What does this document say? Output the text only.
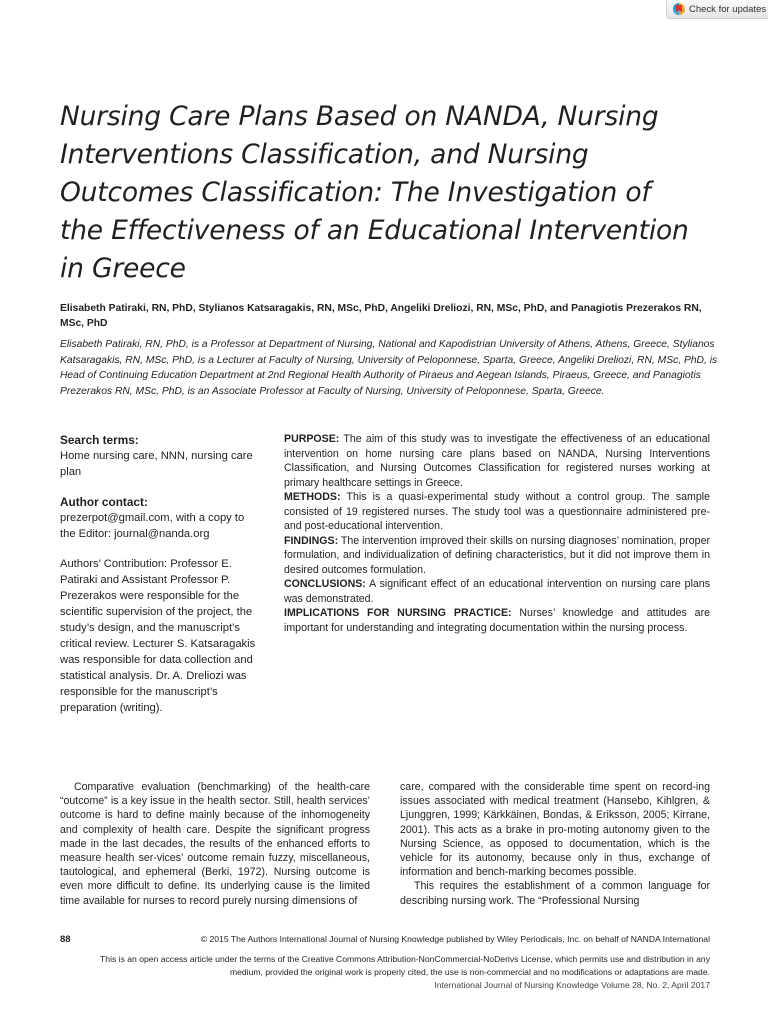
Check for updates
Nursing Care Plans Based on NANDA, Nursing
Interventions Classification, and Nursing
Outcomes Classification: The Investigation of
the Effectiveness of an Educational Intervention
in Greece
Elisabeth Patiraki, RN, PhD, Stylianos Katsaragakis, RN, MSc, PhD, Angeliki Dreliozi, RN, MSc, PhD, and Panagiotis Prezerakos RN, MSc, PhD
Elisabeth Patiraki, RN, PhD, is a Professor at Department of Nursing, National and Kapodistrian University of Athens, Athens, Greece, Stylianos Katsaragakis, RN, MSc, PhD, is a Lecturer at Faculty of Nursing, University of Peloponnese, Sparta, Greece, Angeliki Dreliozi, RN, MSc, PhD, is Head of Continuing Education Department at 2nd Regional Health Authority of Piraeus and Aegean Islands, Piraeus, Greece, and Panagiotis Prezerakos RN, MSc, PhD, is an Associate Professor at Faculty of Nursing, University of Peloponnese, Sparta, Greece.
Search terms:

Home nursing care, NNN, nursing care plan

Author contact:

prezerpot@gmail.com, with a copy to the Editor: journal@nanda.org

Authors’ Contribution: Professor E. Patiraki and Assistant Professor P. Prezerakos were responsible for the scientific supervision of the project, the study’s design, and the manuscript’s critical review. Lecturer S. Katsaragakis was responsible for data collection and statistical analysis. Dr. A. Dreliozi was responsible for the manuscript’s preparation (writing).

PURPOSE: The aim of this study was to investigate the effectiveness of an educational intervention on home nursing care plans based on NANDA, Nursing Interventions Classification, and Nursing Outcomes Classification for registered nurses working at primary healthcare settings in Greece.

METHODS: This is a quasi-experimental study without a control group. The sample consisted of 19 registered nurses. The study tool was a questionnaire administered pre- and post-educational intervention.

FINDINGS: The intervention improved their skills on nursing diagnoses’ nomination, proper formulation, and individualization of defining characteristics, but it did not improve them in desired outcomes formulation.

CONCLUSIONS: A significant effect of an educational intervention on nursing care plans was demonstrated.

IMPLICATIONS FOR NURSING PRACTICE: Nurses’ knowledge and attitudes are important for understanding and integrating documentation within the nursing process.

Comparative evaluation (benchmarking) of the health-care “outcome” is a key issue in the health sector. Still, health services’ outcome is hard to define mainly because of the inhomogeneity and complexity of health care. Despite the significant progress made in the last decades, the results of the enhanced efforts to measure health ser-vices’ outcome remain fuzzy, miscellaneous, tautological, and ephemeral (Berki, 1972). Nursing outcome is even more difficult to define. Its underlying cause is the limited time available for nurses to record purely nursing dimensions of

care, compared with the considerable time spent on record-ing issues associated with medical treatment (Hansebo, Kihlgren, & Ljunggren, 1999; Kärkkäinen, Bondas, & Eriksson, 2005; Kirrane, 2001). This acts as a brake in pro-moting autonomy given to the Nursing Science, as opposed to documentation, which is the vehicle for its autonomy, because only in thus, exchange of information and bench-marking becomes possible.

This requires the establishment of a common language for describing nursing work. The “Professional Nursing

88	© 2015 The Authors International Journal of Nursing Knowledge published by Wiley Periodicals, Inc. on behalf of NANDA International
This is an open access article under the terms of the Creative Commons Attribution-NonCommercial-NoDerivs License, which permits use and distribution in any medium, provided the original work is properly cited, the use is non-commercial and no modifications or adaptations are made.
International Journal of Nursing Knowledge Volume 28, No. 2, April 2017
